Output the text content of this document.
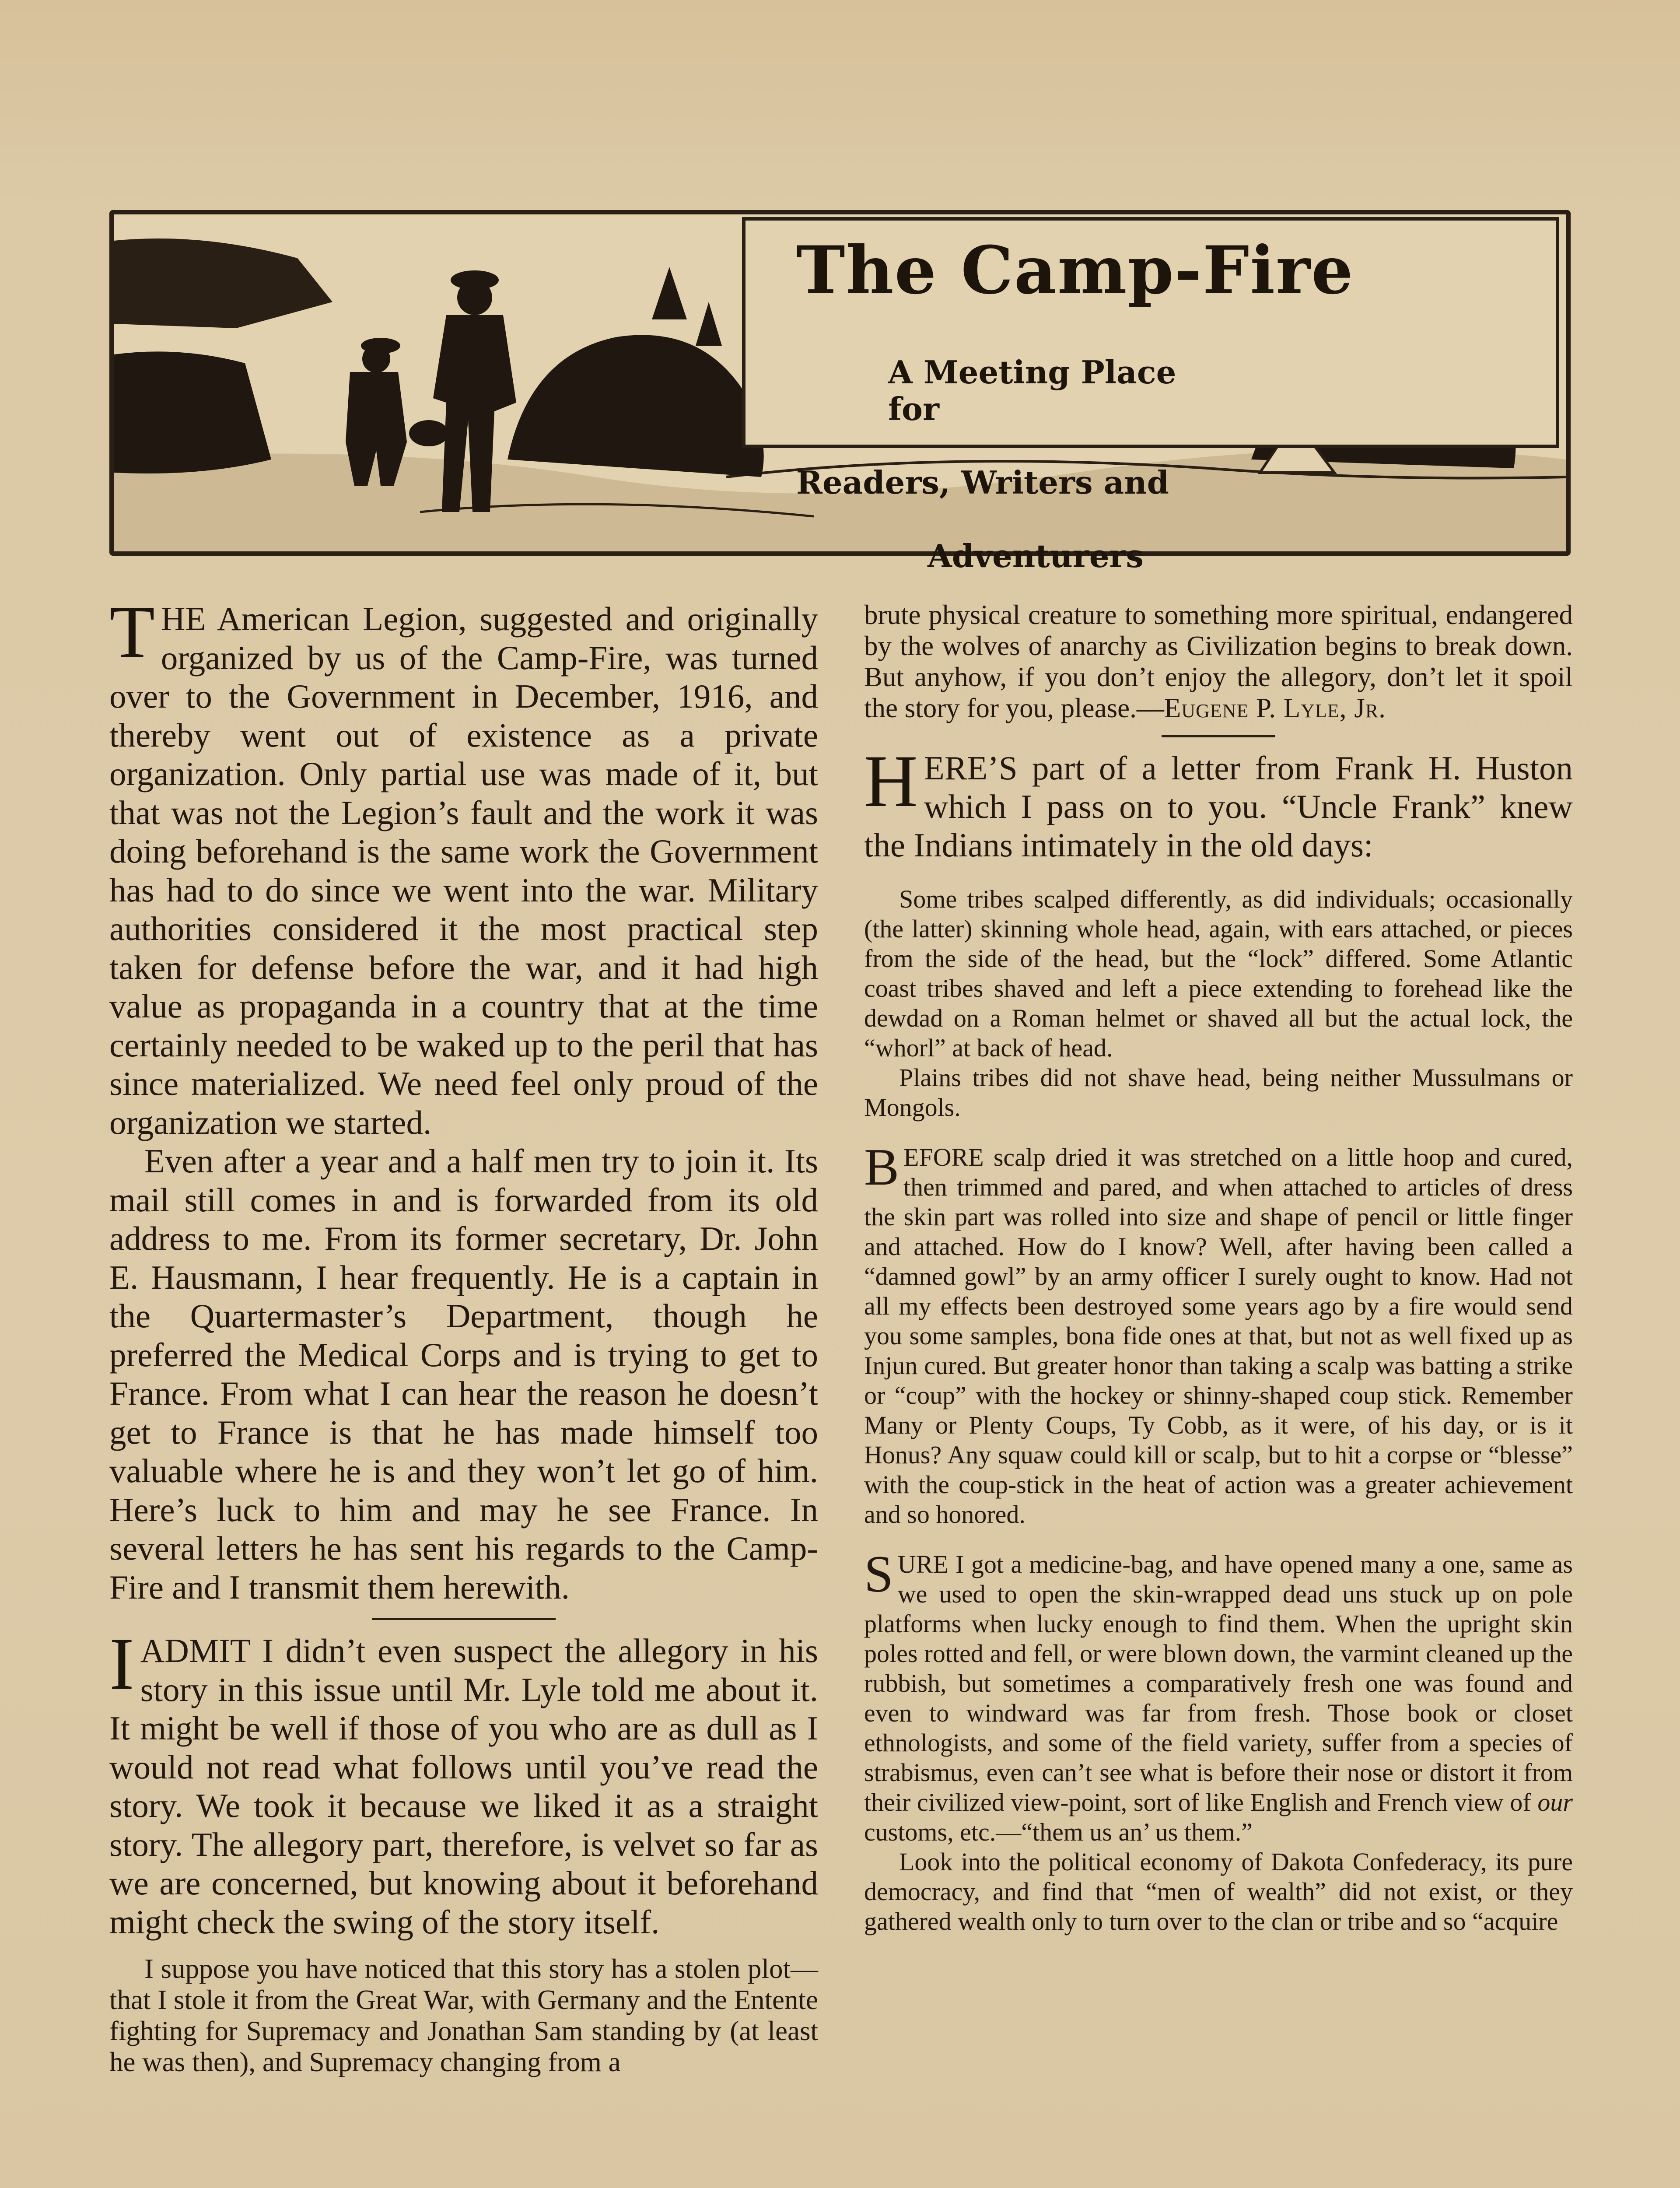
The Camp-Fire

A Meeting Place for

Readers, Writers and

Adventurers

THE American Legion, suggested and originally organized by us of the Camp-Fire, was turned over to the Government in December, 1916, and thereby went out of existence as a private organization. Only partial use was made of it, but that was not the Legion’s fault and the work it was doing beforehand is the same work the Government has had to do since we went into the war. Military authorities considered it the most practical step taken for defense before the war, and it had high value as propaganda in a country that at the time certainly needed to be waked up to the peril that has since materialized. We need feel only proud of the organization we started.

Even after a year and a half men try to join it. Its mail still comes in and is forwarded from its old address to me. From its former secretary, Dr. John E. Hausmann, I hear frequently. He is a captain in the Quartermaster’s Department, though he preferred the Medical Corps and is trying to get to France. From what I can hear the reason he doesn’t get to France is that he has made himself too valuable where he is and they won’t let go of him. Here’s luck to him and may he see France. In several letters he has sent his regards to the Camp-Fire and I transmit them herewith.

IADMIT I didn’t even suspect the allegory in his story in this issue until Mr. Lyle told me about it. It might be well if those of you who are as dull as I would not read what follows until you’ve read the story. We took it because we liked it as a straight story. The allegory part, therefore, is velvet so far as we are concerned, but knowing about it beforehand might check the swing of the story itself.

I suppose you have noticed that this story has a stolen plot—that I stole it from the Great War, with Germany and the Entente fighting for Supremacy and Jonathan Sam standing by (at least he was then), and Supremacy changing from a

brute physical creature to something more spiritual, endangered by the wolves of anarchy as Civilization begins to break down. But anyhow, if you don’t enjoy the allegory, don’t let it spoil the story for you, please.—Eugene P. Lyle, Jr.

HERE’S part of a letter from Frank H. Huston which I pass on to you. “Uncle Frank” knew the Indians intimately in the old days:

Some tribes scalped differently, as did individuals; occasionally (the latter) skinning whole head, again, with ears attached, or pieces from the side of the head, but the “lock” differed. Some Atlantic coast tribes shaved and left a piece extending to forehead like the dewdad on a Roman helmet or shaved all but the actual lock, the “whorl” at back of head.

Plains tribes did not shave head, being neither Mussulmans or Mongols.

BEFORE scalp dried it was stretched on a little hoop and cured, then trimmed and pared, and when attached to articles of dress the skin part was rolled into size and shape of pencil or little finger and attached. How do I know? Well, after having been called a “damned gowl” by an army officer I surely ought to know. Had not all my effects been destroyed some years ago by a fire would send you some samples, bona fide ones at that, but not as well fixed up as Injun cured. But greater honor than taking a scalp was batting a strike or “coup” with the hockey or shinny-shaped coup stick. Remember Many or Plenty Coups, Ty Cobb, as it were, of his day, or is it Honus? Any squaw could kill or scalp, but to hit a corpse or “blesse” with the coup-stick in the heat of action was a greater achievement and so honored.

SURE I got a medicine-bag, and have opened many a one, same as we used to open the skin-wrapped dead uns stuck up on pole platforms when lucky enough to find them. When the upright skin poles rotted and fell, or were blown down, the varmint cleaned up the rubbish, but sometimes a comparatively fresh one was found and even to windward was far from fresh. Those book or closet ethnologists, and some of the field variety, suffer from a species of strabismus, even can’t see what is before their nose or distort it from their civilized view-point, sort of like English and French view of our customs, etc.—“them us an’ us them.”

Look into the political economy of Dakota Confederacy, its pure democracy, and find that “men of wealth” did not exist, or they gathered wealth only to turn over to the clan or tribe and so “acquire
